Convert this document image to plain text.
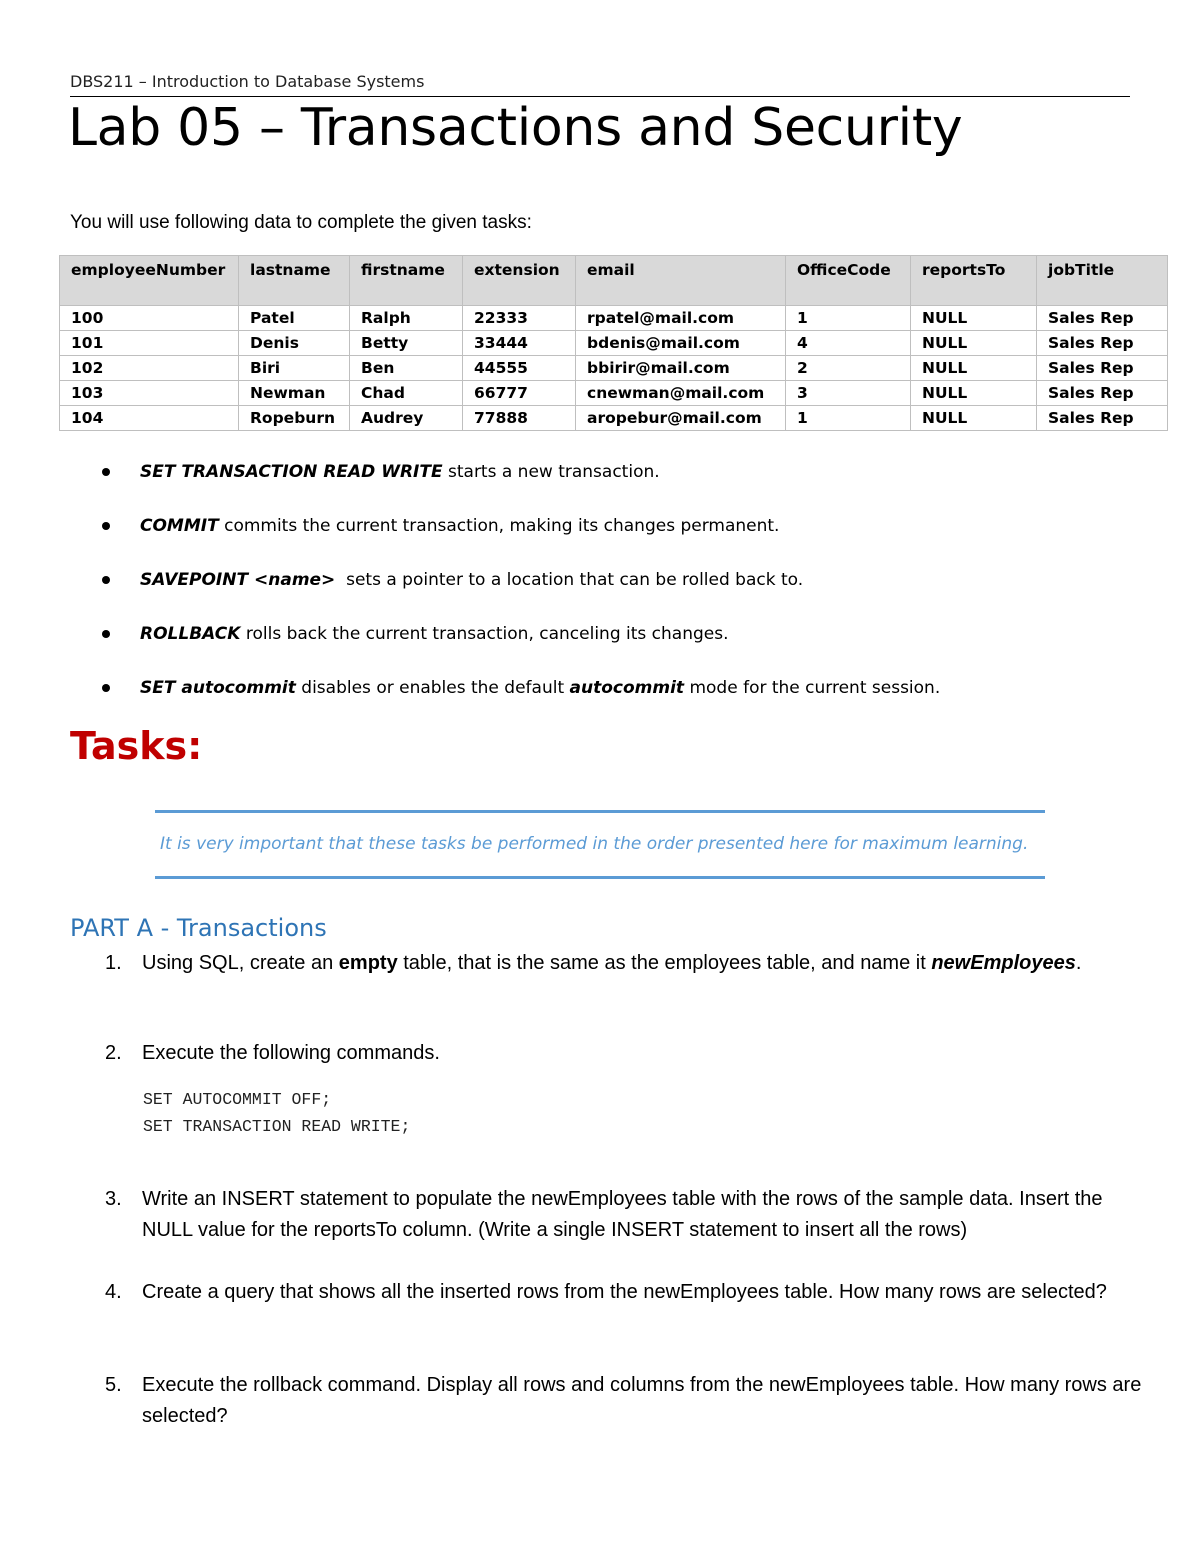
DBS211 – Introduction to Database Systems
Lab 05 – Transactions and Security
You will use following data to complete the given tasks:
employeeNumber	lastname	firstname	extension	email	OfficeCode	reportsTo	jobTitle
100	Patel	Ralph	22333	rpatel@mail.com	1	NULL	Sales Rep
101	Denis	Betty	33444	bdenis@mail.com	4	NULL	Sales Rep
102	Biri	Ben	44555	bbirir@mail.com	2	NULL	Sales Rep
103	Newman	Chad	66777	cnewman@mail.com	3	NULL	Sales Rep
104	Ropeburn	Audrey	77888	aropebur@mail.com	1	NULL	Sales Rep
SET TRANSACTION READ WRITE starts a new transaction.
COMMIT commits the current transaction, making its changes permanent.
SAVEPOINT <name>  sets a pointer to a location that can be rolled back to.
ROLLBACK rolls back the current transaction, canceling its changes.
SET autocommit disables or enables the default autocommit mode for the current session.
Tasks:
It is very important that these tasks be performed in the order presented here for maximum learning.
PART A - Transactions
1.	Using SQL, create an empty table, that is the same as the employees table, and name it newEmployees.
2.	Execute the following commands.
SET AUTOCOMMIT OFF;
SET TRANSACTION READ WRITE;
3.	Write an INSERT statement to populate the newEmployees table with the rows of the sample data. Insert the NULL value for the reportsTo column. (Write a single INSERT statement to insert all the rows)
4.	Create a query that shows all the inserted rows from the newEmployees table. How many rows are selected?
5.	Execute the rollback command. Display all rows and columns from the newEmployees table. How many rows are selected?
